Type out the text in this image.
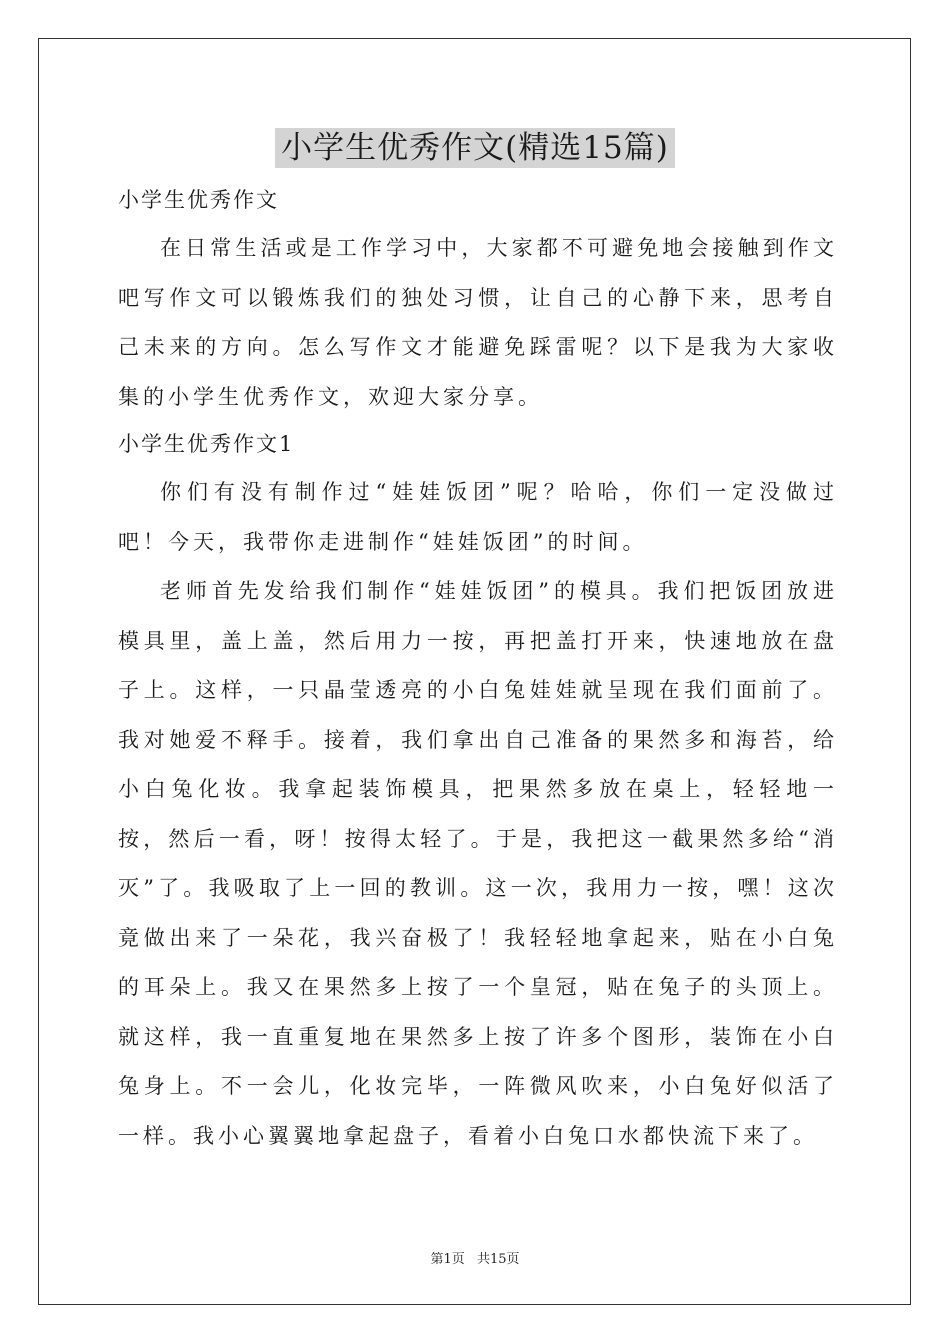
小学生优秀作文(精选15篇)

小学生优秀作文

在日常生活或是工作学习中，大家都不可避免地会接触到作文吧写作文可以锻炼我们的独处习惯，让自己的心静下来，思考自己未来的方向。怎么写作文才能避免踩雷呢？以下是我为大家收集的小学生优秀作文，欢迎大家分享。

小学生优秀作文1

你们有没有制作过“娃娃饭团”呢？哈哈，你们一定没做过吧！今天，我带你走进制作“娃娃饭团”的时间。

老师首先发给我们制作“娃娃饭团”的模具。我们把饭团放进模具里，盖上盖，然后用力一按，再把盖打开来，快速地放在盘子上。这样，一只晶莹透亮的小白兔娃娃就呈现在我们面前了。我对她爱不释手。接着，我们拿出自己准备的果然多和海苔，给小白兔化妆。我拿起装饰模具，把果然多放在桌上，轻轻地一按，然后一看，呀！按得太轻了。于是，我把这一截果然多给“消灭”了。我吸取了上一回的教训。这一次，我用力一按，嘿！这次竟做出来了一朵花，我兴奋极了！我轻轻地拿起来，贴在小白兔的耳朵上。我又在果然多上按了一个皇冠，贴在兔子的头顶上。就这样，我一直重复地在果然多上按了许多个图形，装饰在小白兔身上。不一会儿，化妆完毕，一阵微风吹来，小白兔好似活了一样。我小心翼翼地拿起盘子，看着小白兔口水都快流下来了。

第1页 共15页
